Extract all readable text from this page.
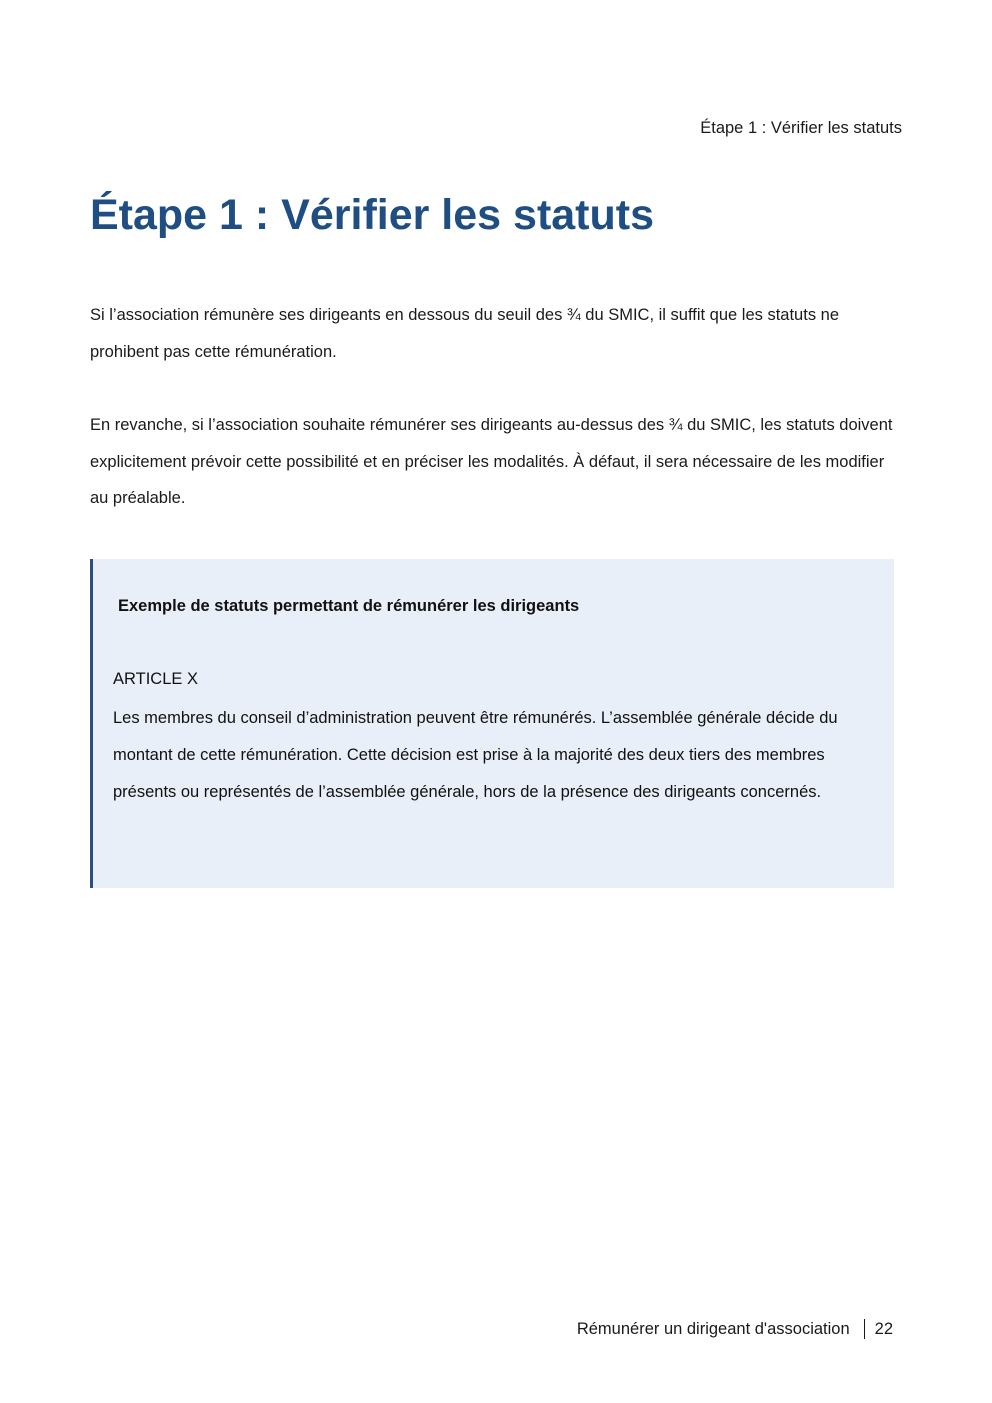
Étape 1 : Vérifier les statuts
Étape 1 : Vérifier les statuts

Si l’association rémunère ses dirigeants en dessous du seuil des ¾ du SMIC, il suffit que les statuts ne prohibent pas cette rémunération.

En revanche, si l’association souhaite rémunérer ses dirigeants au-dessus des ¾ du SMIC, les statuts doivent explicitement prévoir cette possibilité et en préciser les modalités. À défaut, il sera nécessaire de les modifier au préalable.

Exemple de statuts permettant de rémunérer les dirigeants
ARTICLE X

Les membres du conseil d’administration peuvent être rémunérés. L’assemblée générale décide du montant de cette rémunération. Cette décision est prise à la majorité des deux tiers des membres présents ou représentés de l’assemblée générale, hors de la présence des dirigeants concernés.

Rémunérer un dirigeant d'association 22
